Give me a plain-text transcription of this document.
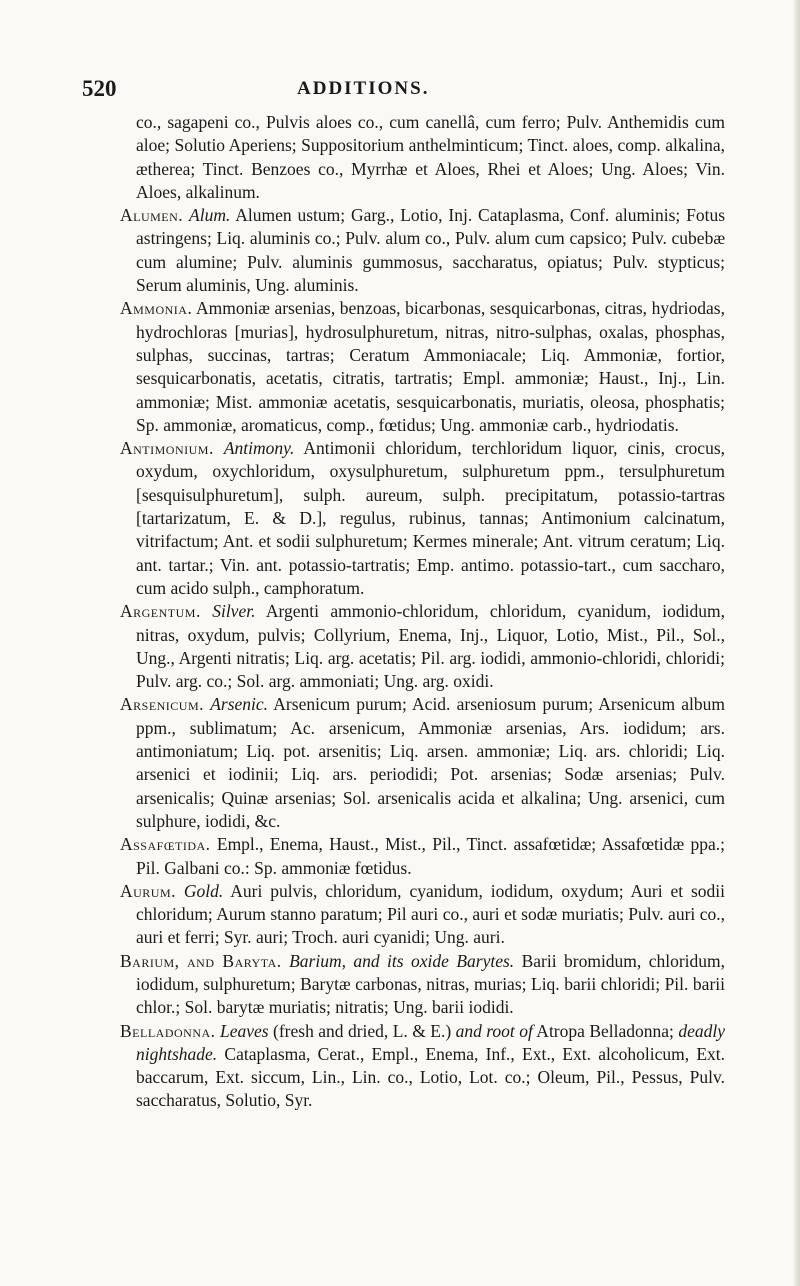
520	ADDITIONS.

co., sagapeni co., Pulvis aloes co., cum canellâ, cum ferro; Pulv. Anthemidis cum aloe; Solutio Aperiens; Suppositorium anthelminticum; Tinct. aloes, comp. alkalina, ætherea; Tinct. Benzoes co., Myrrhæ et Aloes, Rhei et Aloes; Ung. Aloes; Vin. Aloes, alkalinum.

Alumen. Alum. Alumen ustum; Garg., Lotio, Inj. Cataplasma, Conf. aluminis; Fotus astringens; Liq. aluminis co.; Pulv. alum co., Pulv. alum cum capsico; Pulv. cubebæ cum alumine; Pulv. aluminis gummosus, saccharatus, opiatus; Pulv. stypticus; Serum aluminis, Ung. aluminis.

Ammonia. Ammoniæ arsenias, benzoas, bicarbonas, sesquicarbonas, citras, hydriodas, hydrochloras [murias], hydrosulphuretum, nitras, nitro-sulphas, oxalas, phosphas, sulphas, succinas, tartras; Ceratum Ammoniacale; Liq. Ammoniæ, fortior, sesquicarbonatis, acetatis, citratis, tartratis; Empl. ammoniæ; Haust., Inj., Lin. ammoniæ; Mist. ammoniæ acetatis, sesquicarbonatis, muriatis, oleosa, phosphatis; Sp. ammoniæ, aromaticus, comp., fœtidus; Ung. ammoniæ carb., hydriodatis.

Antimonium. Antimony. Antimonii chloridum, terchloridum liquor, cinis, crocus, oxydum, oxychloridum, oxysulphuretum, sulphuretum ppm., tersulphuretum [sesquisulphuretum], sulph. aureum, sulph. precipitatum, potassio-tartras [tartarizatum, E. & D.], regulus, rubinus, tannas; Antimonium calcinatum, vitrifactum; Ant. et sodii sulphuretum; Kermes minerale; Ant. vitrum ceratum; Liq. ant. tartar.; Vin. ant. potassio-tartratis; Emp. antimo. potassio-tart., cum saccharo, cum acido sulph., camphoratum.

Argentum. Silver. Argenti ammonio-chloridum, chloridum, cyanidum, iodidum, nitras, oxydum, pulvis; Collyrium, Enema, Inj., Liquor, Lotio, Mist., Pil., Sol., Ung., Argenti nitratis; Liq. arg. acetatis; Pil. arg. iodidi, ammonio-chloridi, chloridi; Pulv. arg. co.; Sol. arg. ammoniati; Ung. arg. oxidi.

Arsenicum. Arsenic. Arsenicum purum; Acid. arseniosum purum; Arsenicum album ppm., sublimatum; Ac. arsenicum, Ammoniæ arsenias, Ars. iodidum; ars. antimoniatum; Liq. pot. arsenitis; Liq. arsen. ammoniæ; Liq. ars. chloridi; Liq. arsenici et iodinii; Liq. ars. periodidi; Pot. arsenias; Sodæ arsenias; Pulv. arsenicalis; Quinæ arsenias; Sol. arsenicalis acida et alkalina; Ung. arsenici, cum sulphure, iodidi, &c.

Assafœtida. Empl., Enema, Haust., Mist., Pil., Tinct. assafœtidæ; Assafœtidæ ppa.; Pil. Galbani co.: Sp. ammoniæ fœtidus.

Aurum. Gold. Auri pulvis, chloridum, cyanidum, iodidum, oxydum; Auri et sodii chloridum; Aurum stanno paratum; Pil auri co., auri et sodæ muriatis; Pulv. auri co., auri et ferri; Syr. auri; Troch. auri cyanidi; Ung. auri.

Barium, and Baryta. Barium, and its oxide Barytes. Barii bromidum, chloridum, iodidum, sulphuretum; Barytæ carbonas, nitras, murias; Liq. barii chloridi; Pil. barii chlor.; Sol. barytæ muriatis; nitratis; Ung. barii iodidi.

Belladonna. Leaves (fresh and dried, L. & E.) and root of Atropa Belladonna; deadly nightshade. Cataplasma, Cerat., Empl., Enema, Inf., Ext., Ext. alcoholicum, Ext. baccarum, Ext. siccum, Lin., Lin. co., Lotio, Lot. co.; Oleum, Pil., Pessus, Pulv. saccharatus, Solutio, Syr.
